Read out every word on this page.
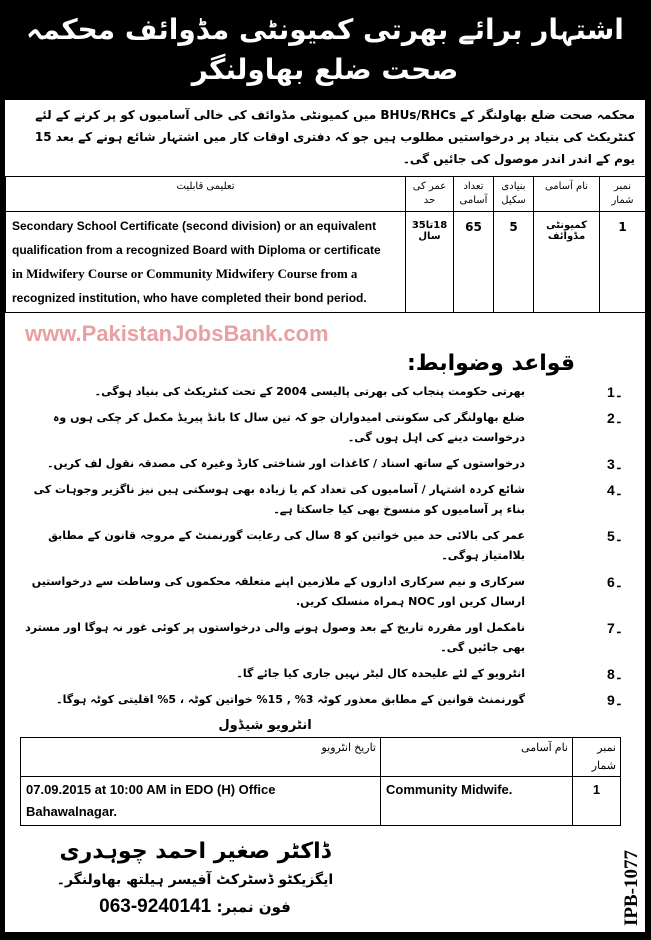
اشتہار برائے بھرتی کمیونٹی مڈوائف محکمہ صحت ضلع بھاولنگر
محکمہ صحت ضلع بھاولنگر کے BHUs/RHCs میں کمیونٹی مڈوائف کی خالی آسامیوں کو پر کرنے کے لئے کنٹریکٹ کی بنیاد پر درخواستیں مطلوب ہیں جو کہ دفتری اوقات کار میں اشتہار شائع ہونے کے بعد 15 یوم کے اندر اندر موصول کی جائیں گی۔
تعلیمی قابلیت	عمر کی حد	تعداد آسامی	بنیادی سکیل	نام آسامی	نمبر شمار

Secondary School Certificate (second division) or an equivalent
qualification from a recognized Board with Diploma or certificate
in Midwifery Course or Community Midwifery Course from a
recognized institution, who have completed their bond period.	18تا35سال	65	5	کمیونٹی مڈوائف	1
www.PakistanJobsBank.com
قواعد وضوابط:
1۔
بھرتی حکومت پنجاب کی بھرتی پالیسی 2004 کے تحت کنٹریکٹ کی بنیاد ہوگی۔
2۔
ضلع بھاولنگر کی سکونتی امیدواران جو کہ تین سال کا بانڈ پیریڈ مکمل کر چکی ہوں وہ درخواست دینے کی اہل ہوں گی۔
3۔
درخواستوں کے ساتھ اسناد / کاغذات اور شناختی کارڈ وغیرہ کی مصدقہ نقول لف کریں۔
4۔
شائع کردہ اشتہار / آسامیوں کی تعداد کم یا زیادہ بھی ہوسکتی ہیں نیز ناگزیر وجوہات کی بناء پر آسامیوں کو منسوخ بھی کیا جاسکتا ہے۔
5۔
عمر کی بالائی حد میں خواتین کو 8 سال کی رعایت گورنمنٹ کے مروجہ قانون کے مطابق بلاامتیاز ہوگی۔
6۔
سرکاری و نیم سرکاری اداروں کے ملازمین اپنے متعلقہ محکموں کی وساطت سے درخواستیں ارسال کریں اور NOC ہمراہ منسلک کریں.
7۔
نامکمل اور مقررہ تاریخ کے بعد وصول ہونے والی درخواستوں پر کوئی غور نہ ہوگا اور مسترد بھی جائیں گی۔
8۔
انٹرویو کے لئے علیحدہ کال لیٹر نہیں جاری کیا جائے گا۔
9۔
گورنمنٹ قوانین کے مطابق معذور کوٹہ 3% , 15% خواتین کوٹہ ، 5% اقلیتی کوٹہ ہوگا۔
انٹرویو شیڈول
تاریخ انٹرویو	نام آسامی	نمبر شمار

07.09.2015 at 10:00 AM in EDO (H) Office
Bahawalnagar.	Community Midwife.	1
ڈاکٹر صغیر احمد چوہدری
ایگزیکٹو ڈسٹرکٹ آفیسر ہیلتھ بھاولنگر۔
فون نمبر: 063-9240141	IPB-1077
